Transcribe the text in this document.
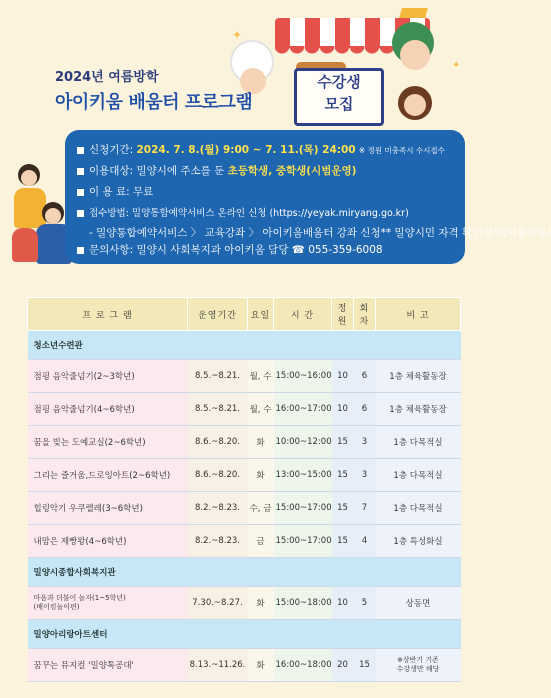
✦
✦
2024년 여름방학
아이키움 배움터 프로그램
수강생
모집
신청기간: 2024. 7. 8.(월) 9:00 ~ 7. 11.(목) 24:00 ※ 정원 미충족시 수시접수
이용대상: 밀양시에 주소를 둔 초등학생, 중학생(시범운영)
이 용 료: 무료
접수방법: 밀양통합예약서비스 온라인 신청 (https://yeyak.miryang.go.kr)
- 밀양통합예약서비스 〉 교육강좌 〉 아이키움배움터 강좌 신청** 밀양시민 자격 확인절차(이용아동)
문의사항: 밀양시 사회복지과 아이키움 담당 ☎ 055-359-6008
프 로 그 램	운영기간	요일	시 간	정원	회차	비 고
청소년수련관						
점핑 음악줄넘기(2~3학년)	8.5.~8.21.	월, 수	15:00~16:00	10	6	1층 체육활동장
점핑 음악줄넘기(4~6학년)	8.5.~8.21.	월, 수	16:00~17:00	10	6	1층 체육활동장
꿈을 빚는 도예교실(2~6학년)	8.6.~8.20.	화	10:00~12:00	15	3	1층 다목적실
그리는 즐거움,드로잉아트(2~6학년)	8.6.~8.20.	화	13:00~15:00	15	3	1층 다목적실
힐링악기 우쿠렐레(3~6학년)	8.2.~8.23.	수, 금	15:00~17:00	15	7	1층 다목적실
내맘은 제빵왕(4~6학년)	8.2.~8.23.	금	15:00~17:00	15	4	1층 특성화실
밀양시종합사회복지관						
마음과 더불어 놀자(1~5학년)
(베이킹놀이편)	7.30.~8.27.	화	15:00~18:00	10	5	상동면
밀양아리랑아트센터						
꿈꾸는 뮤지컬 '밀양톡공대'	8.13.~11.26.	화	16:00~18:00	20	15	※상반기 기존
수강생만 해당
